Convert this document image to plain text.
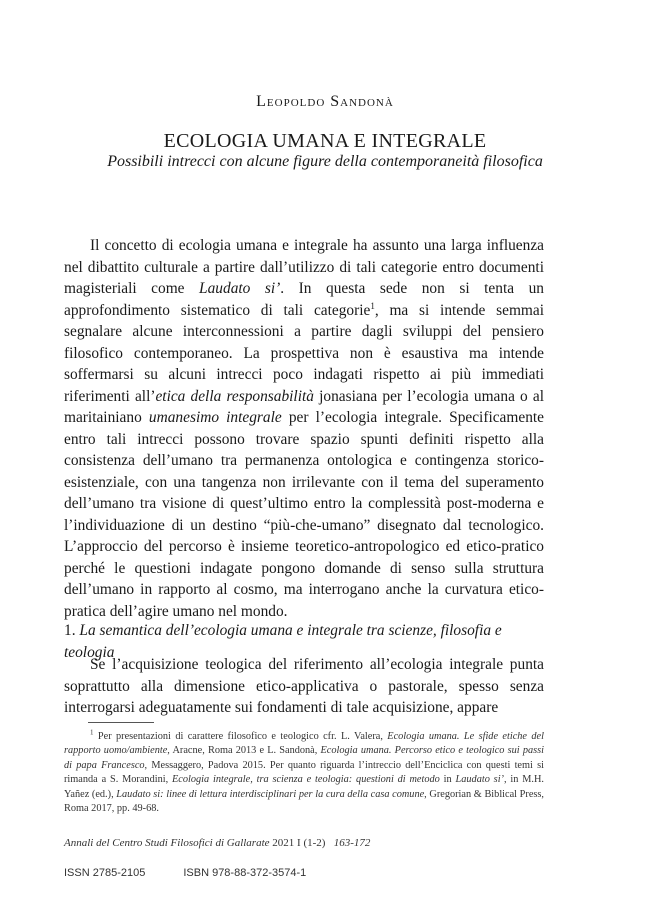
Leopoldo Sandonà
ECOLOGIA UMANA E INTEGRALE
Possibili intrecci con alcune figure della contemporaneità filosofica
Il concetto di ecologia umana e integrale ha assunto una larga influenza nel dibattito culturale a partire dall’utilizzo di tali categorie entro documenti magisteriali come Laudato si’. In questa sede non si tenta un approfondimento sistematico di tali categorie$^1$, ma si intende semmai segnalare alcune interconnessioni a partire dagli sviluppi del pensiero filosofico contemporaneo. La prospettiva non è esaustiva ma intende soffermarsi su alcuni intrecci poco indagati rispetto ai più immediati riferimenti all’etica della responsabilità jonasiana per l’ecologia umana o al maritainiano umanesimo integrale per l’ecologia integrale. Specificamente entro tali intrecci possono trovare spazio spunti definiti rispetto alla consistenza dell’umano tra permanenza ontologica e contingenza storico-esistenziale, con una tangenza non irrilevante con il tema del superamento dell’umano tra visione di quest’ultimo entro la complessità post-moderna e l’individuazione di un destino “più-che-umano” disegnato dal tecnologico. L’approccio del percorso è insieme teoretico-antropologico ed etico-pratico perché le questioni indagate pongono domande di senso sulla struttura dell’umano in rapporto al cosmo, ma interrogano anche la curvatura etico-pratica dell’agire umano nel mondo.
1. La semantica dell’ecologia umana e integrale tra scienze, filosofia e teologia
Se l’acquisizione teologica del riferimento all’ecologia integrale punta soprattutto alla dimensione etico-applicativa o pastorale, spesso senza interrogarsi adeguatamente sui fondamenti di tale acquisizione, appare
$^1$ Per presentazioni di carattere filosofico e teologico cfr. L. Valera, Ecologia umana. Le sfide etiche del rapporto uomo/ambiente, Aracne, Roma 2013 e L. Sandonà, Ecologia umana. Percorso etico e teologico sui passi di papa Francesco, Messaggero, Padova 2015. Per quanto riguarda l’intreccio dell’Enciclica con questi temi si rimanda a S. Morandini, Ecologia integrale, tra scienza e teologia: questioni di metodo in Laudato si’, in M.H. Yañez (ed.), Laudato si: linee di lettura interdisciplinari per la cura della casa comune, Gregorian & Biblical Press, Roma 2017, pp. 49-68.
Annali del Centro Studi Filosofici di Gallarate 2021 I (1-2) 163-172
ISSN 2785-2105	ISBN 978-88-372-3574-1
